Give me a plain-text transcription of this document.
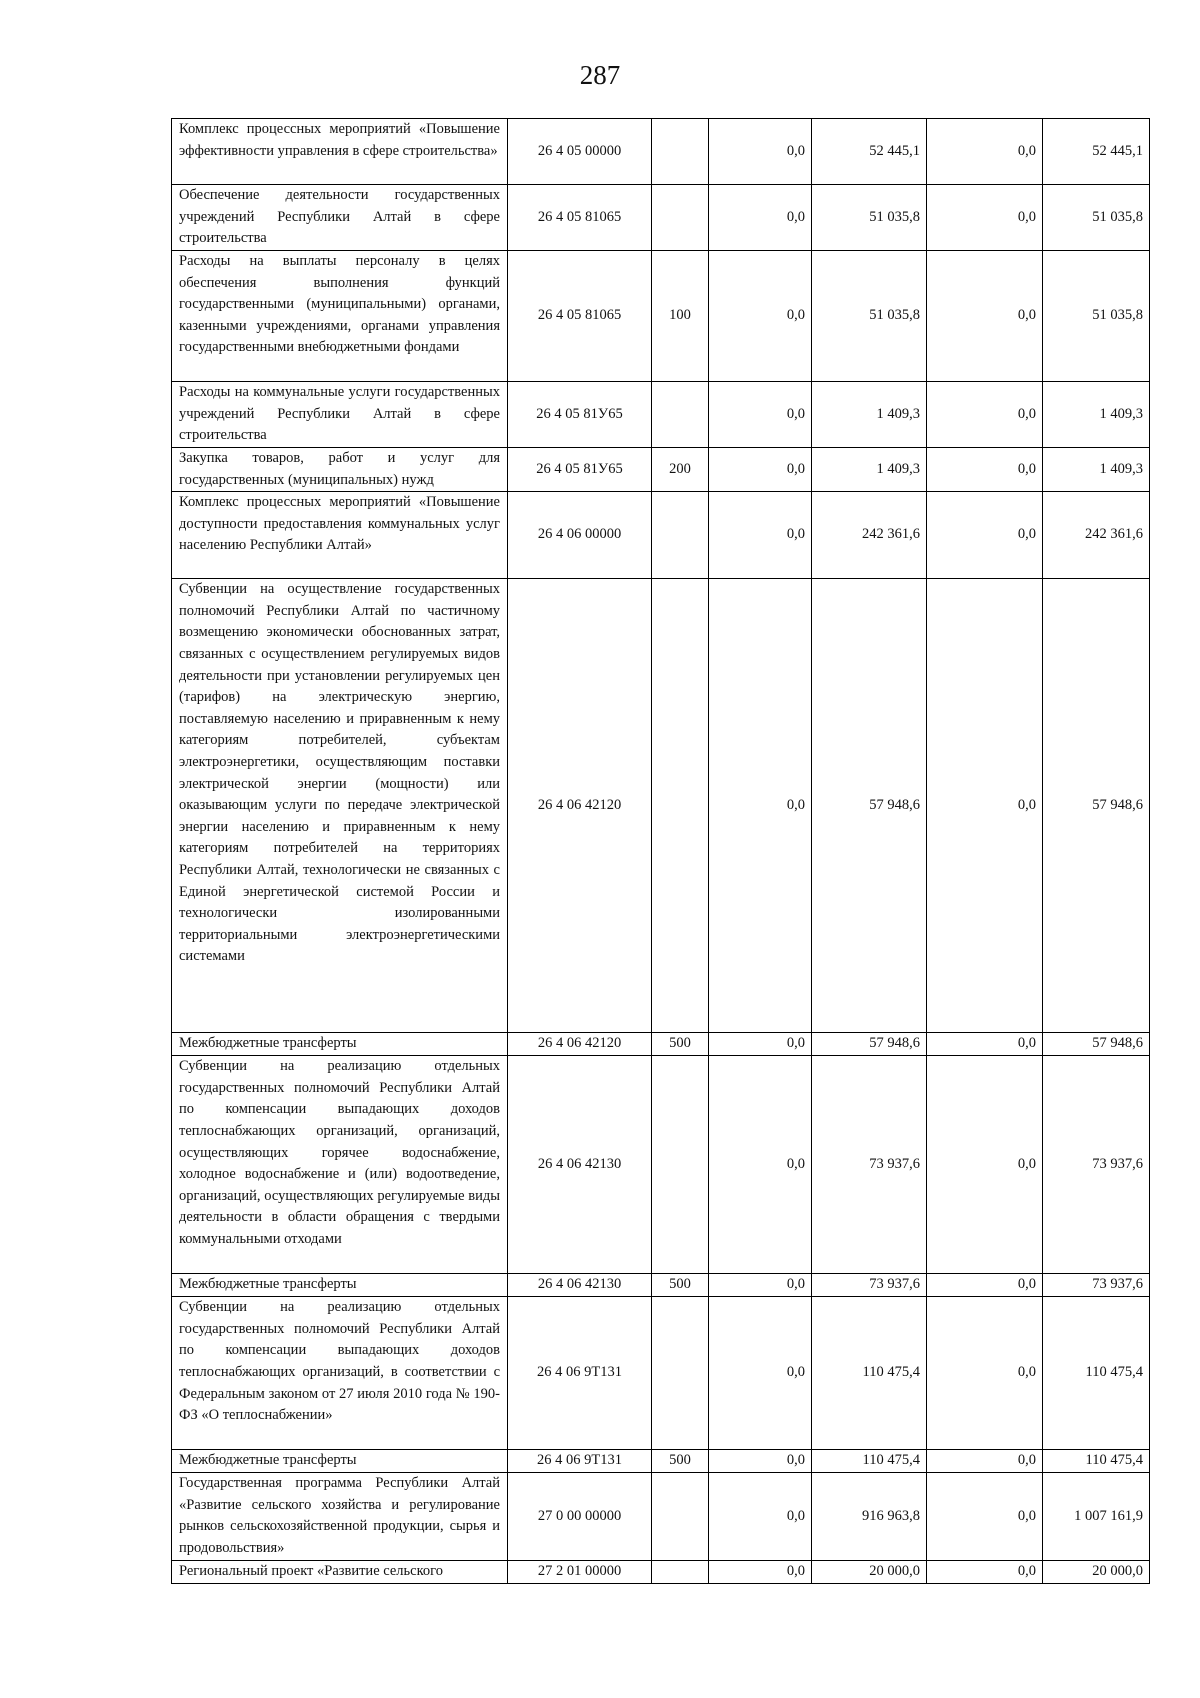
287
Комплекс процессных мероприятий «Повышение эффективности управления в сфере строительства»	26 4 05 00000		0,0	52 445,1	0,0	52 445,1
Обеспечение деятельности государственных учреждений Республики Алтай в сфере строительства	26 4 05 81065		0,0	51 035,8	0,0	51 035,8
Расходы на выплаты персоналу в целях обеспечения выполнения функций государственными (муниципальными) органами, казенными учреждениями, органами управления государственными внебюджетными фондами	26 4 05 81065	100	0,0	51 035,8	0,0	51 035,8
Расходы на коммунальные услуги государственных учреждений Республики Алтай в сфере строительства	26 4 05 81У65		0,0	1 409,3	0,0	1 409,3
Закупка товаров, работ и услуг для государственных (муниципальных) нужд	26 4 05 81У65	200	0,0	1 409,3	0,0	1 409,3
Комплекс процессных мероприятий «Повышение доступности предоставления коммунальных услуг населению Республики Алтай»	26 4 06 00000		0,0	242 361,6	0,0	242 361,6
Субвенции на осуществление государственных полномочий Республики Алтай по частичному возмещению экономически обоснованных затрат, связанных с осуществлением регулируемых видов деятельности при установлении регулируемых цен (тарифов) на электрическую энергию, поставляемую населению и приравненным к нему категориям потребителей, субъектам электроэнергетики, осуществляющим поставки электрической энергии (мощности) или оказывающим услуги по передаче электрической энергии населению и приравненным к нему категориям потребителей на территориях Республики Алтай, технологически не связанных с Единой энергетической системой России и технологически изолированными территориальными электроэнергетическими системами	26 4 06 42120		0,0	57 948,6	0,0	57 948,6
Межбюджетные трансферты	26 4 06 42120	500	0,0	57 948,6	0,0	57 948,6
Субвенции на реализацию отдельных государственных полномочий Республики Алтай по компенсации выпадающих доходов теплоснабжающих организаций, организаций, осуществляющих горячее водоснабжение, холодное водоснабжение и (или) водоотведение, организаций, осуществляющих регулируемые виды деятельности в области обращения с твердыми коммунальными отходами	26 4 06 42130		0,0	73 937,6	0,0	73 937,6
Межбюджетные трансферты	26 4 06 42130	500	0,0	73 937,6	0,0	73 937,6
Субвенции на реализацию отдельных государственных полномочий Республики Алтай по компенсации выпадающих доходов теплоснабжающих организаций, в соответствии с Федеральным законом от 27 июля 2010 года № 190-ФЗ «О теплоснабжении»	26 4 06 9Т131		0,0	110 475,4	0,0	110 475,4
Межбюджетные трансферты	26 4 06 9Т131	500	0,0	110 475,4	0,0	110 475,4
Государственная программа Республики Алтай «Развитие сельского хозяйства и регулирование рынков сельскохозяйственной продукции, сырья и продовольствия»	27 0 00 00000		0,0	916 963,8	0,0	1 007 161,9
Региональный проект «Развитие сельского	27 2 01 00000		0,0	20 000,0	0,0	20 000,0
